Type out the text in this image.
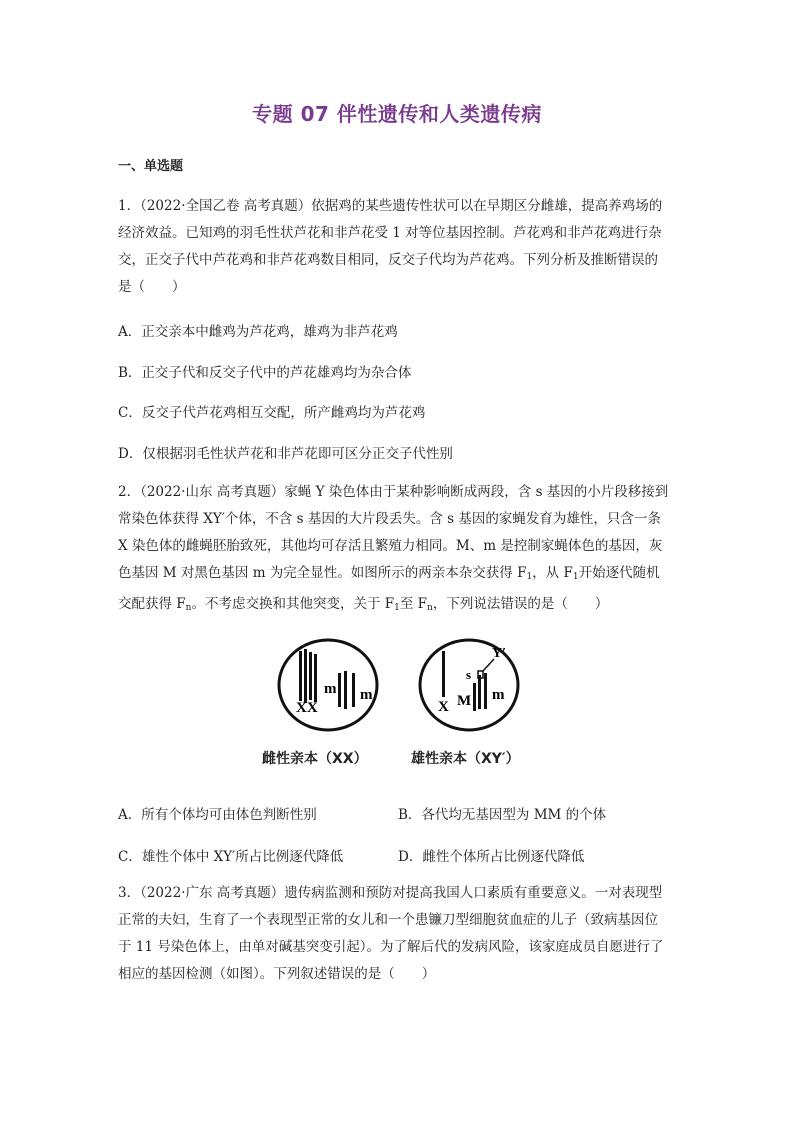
专题 07 伴性遗传和人类遗传病
一、单选题
1．（2022·全国乙卷 高考真题）依据鸡的某些遗传性状可以在早期区分雌雄，提高养鸡场的
经济效益。已知鸡的羽毛性状芦花和非芦花受 1 对等位基因控制。芦花鸡和非芦花鸡进行杂
交，正交子代中芦花鸡和非芦花鸡数目相同，反交子代均为芦花鸡。下列分析及推断错误的
是（　　）
A．正交亲本中雌鸡为芦花鸡，雄鸡为非芦花鸡
B．正交子代和反交子代中的芦花雄鸡均为杂合体
C．反交子代芦花鸡相互交配，所产雌鸡均为芦花鸡
D．仅根据羽毛性状芦花和非芦花即可区分正交子代性别
2．（2022·山东 高考真题）家蝇 Y 染色体由于某种影响断成两段，含 s 基因的小片段移接到
常染色体获得 XY′个体，不含 s 基因的大片段丢失。含 s 基因的家蝇发育为雄性，只含一条
X 染色体的雌蝇胚胎致死，其他均可存活且繁殖力相同。M、m 是控制家蝇体色的基因，灰
色基因 M 对黑色基因 m 为完全显性。如图所示的两亲本杂交获得 $F_1$，从 $F_1$开始逐代随机
交配获得 $F_n$。不考虑交换和其他突变，关于 $F_1$至 $F_n$，下列说法错误的是（　　）
XX
m m
X M
s
Y′
m
雌性亲本（XX）	雄性亲本（XY′）
A．所有个体均可由体色判断性别	B．各代均无基因型为 MM 的个体
C．雄性个体中 XY′所占比例逐代降低	D．雌性个体所占比例逐代降低
3．（2022·广东 高考真题）遗传病监测和预防对提高我国人口素质有重要意义。一对表现型
正常的夫妇，生育了一个表现型正常的女儿和一个患镰刀型细胞贫血症的儿子（致病基因位
于 11 号染色体上，由单对碱基突变引起）。为了解后代的发病风险，该家庭成员自愿进行了
相应的基因检测（如图）。下列叙述错误的是（　　）
